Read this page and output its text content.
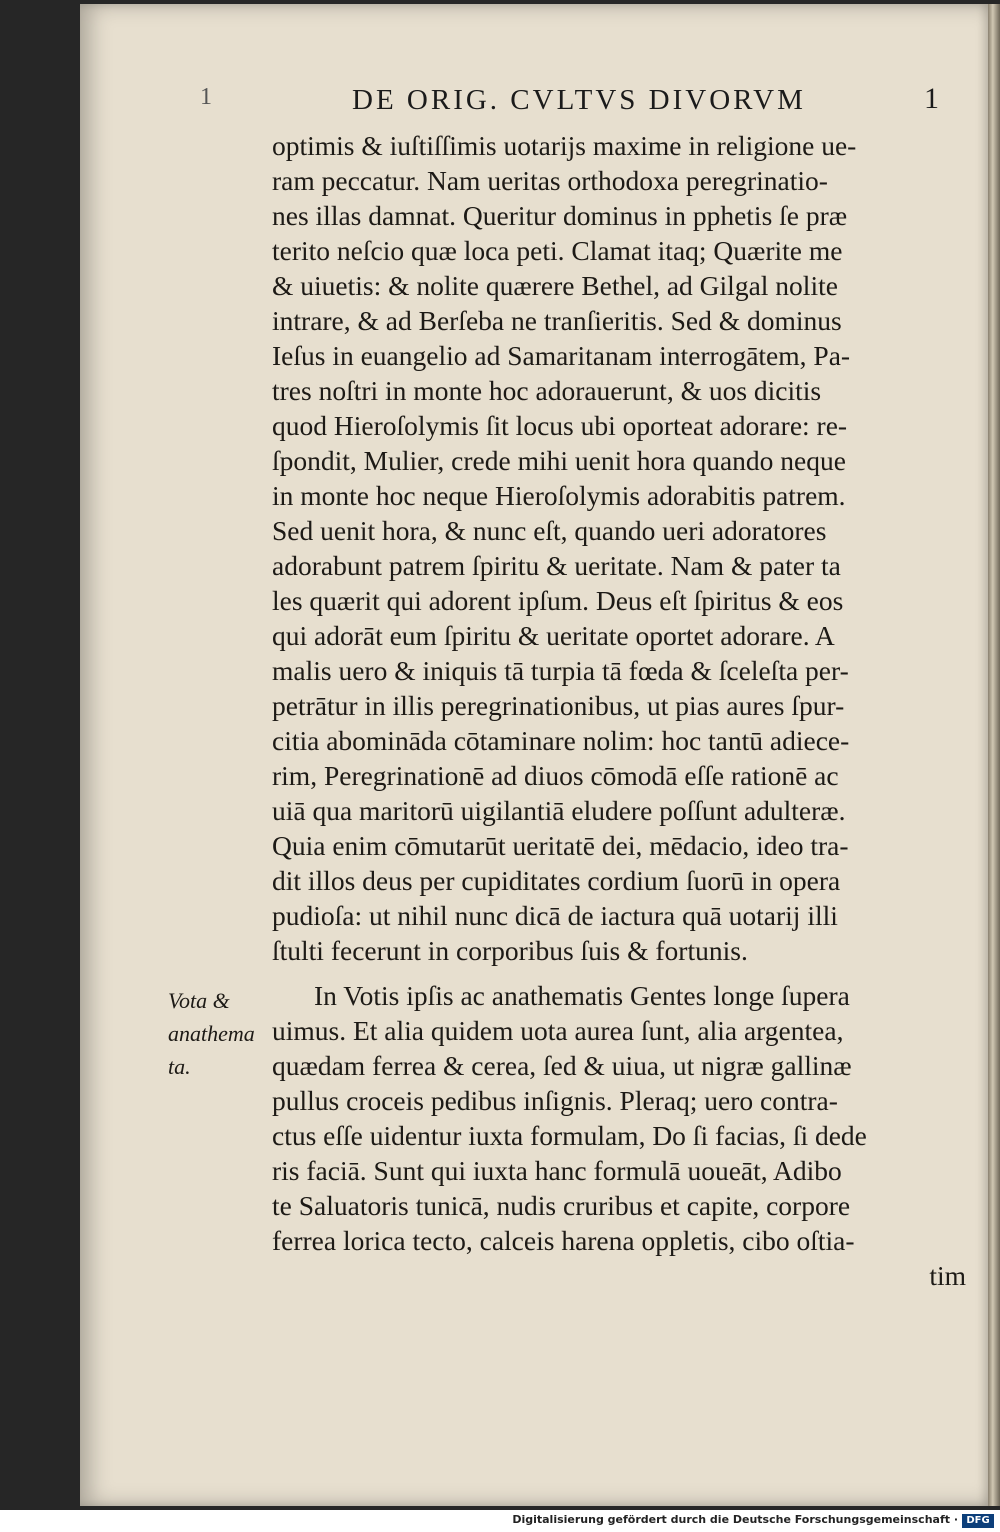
1	DE ORIG. CVLTVS DIVORVM	1
Vota &
anathema
ta.
optimis & iuſtiſſimis uotarijs maxime in religione ue-
ram peccatur. Nam ueritas orthodoxa peregrinatio-
nes illas damnat. Queritur dominus in pphetis ſe præ
terito neſcio quæ loca peti. Clamat itaq; Quærite me
& uiuetis: & nolite quærere Bethel, ad Gilgal nolite
intrare, & ad Berſeba ne tranſieritis. Sed & dominus
Ieſus in euangelio ad Samaritanam interrogātem, Pa-
tres noſtri in monte hoc adorauerunt, & uos dicitis
quod Hieroſolymis ſit locus ubi oporteat adorare: re-
ſpondit, Mulier, crede mihi uenit hora quando neque
in monte hoc neque Hieroſolymis adorabitis patrem.
Sed uenit hora, & nunc eſt, quando ueri adoratores
adorabunt patrem ſpiritu & ueritate. Nam & pater ta
les quærit qui adorent ipſum. Deus eſt ſpiritus & eos
qui adorāt eum ſpiritu & ueritate oportet adorare. A
malis uero & iniquis tā turpia tā fœda & ſceleſta per-
petrātur in illis peregrinationibus, ut pias aures ſpur-
citia abomināda cōtaminare nolim: hoc tantū adiece-
rim, Peregrinationē ad diuos cōmodā eſſe rationē ac
uiā qua maritorū uigilantiā eludere poſſunt adulteræ.
Quia enim cōmutarūt ueritatē dei, mēdacio, ideo tra-
dit illos deus per cupiditates cordium ſuorū in opera
pudioſa: ut nihil nunc dicā de iactura quā uotarij illi
ſtulti fecerunt in corporibus ſuis & fortunis.
In Votis ipſis ac anathematis Gentes longe ſupera
uimus. Et alia quidem uota aurea ſunt, alia argentea,
quædam ferrea & cerea, ſed & uiua, ut nigræ gallinæ
pullus croceis pedibus inſignis. Pleraq; uero contra-
ctus eſſe uidentur iuxta formulam, Do ſi facias, ſi dede
ris faciā. Sunt qui iuxta hanc formulā uoueāt, Adibo
te Saluatoris tunicā, nudis cruribus et capite, corpore
ferrea lorica tecto, calceis harena oppletis, cibo oſtia-
tim
Digitalisierung gefördert durch die Deutsche Forschungsgemeinschaft · DFG
